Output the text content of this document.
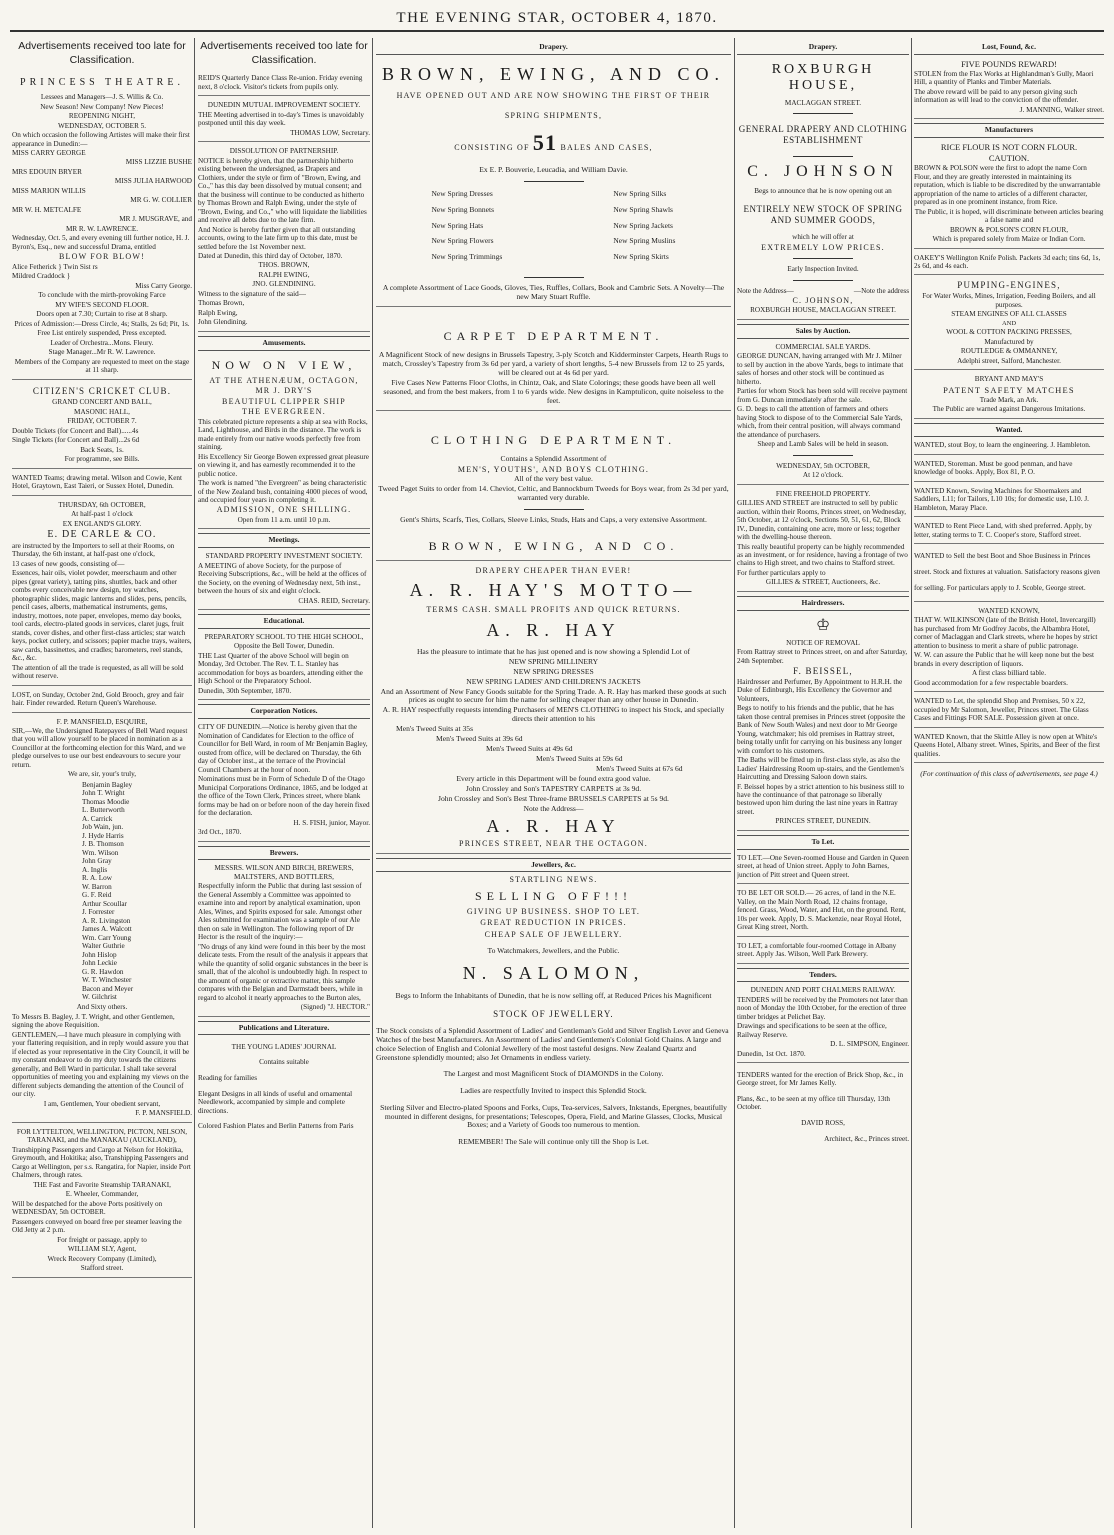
THE EVENING STAR, OCTOBER 4, 1870.
Advertisements received too late for Classification.
PRINCESS THEATRE.

Lessees and Managers—J. S. Willis & Co.

New Season! New Company! New Pieces!

REOPENING NIGHT,

WEDNESDAY, OCTOBER 5.

On which occasion the following Artistes will make their first appearance in Dunedin:—

MISS CARRY GEORGE

MISS LIZZIE BUSHE

MRS EDOUIN BRYER

MISS JULIA HARWOOD

MISS MARION WILLIS

MR G. W. COLLIER

MR W. H. METCALFE

MR J. MUSGRAVE, and

MR R. W. LAWRENCE.

Wednesday, Oct. 5, and every evening till further notice, H. J. Byron's, Esq., new and successful Drama, entitled

BLOW FOR BLOW!

Alice Fetherick } Twin Sist rs

Mildred Craddock }

Miss Carry George.

To conclude with the mirth-provoking Farce

MY WIFE'S SECOND FLOOR.

Doors open at 7.30; Curtain to rise at 8 sharp.

Prices of Admission:—Dress Circle, 4s; Stalls, 2s 6d; Pit, 1s.

Free List entirely suspended, Press excepted.

Leader of Orchestra...Mons. Fleury.

Stage Manager...Mr R. W. Lawrence.

Members of the Company are requested to meet on the stage at 11 sharp.

CITIZEN'S CRICKET CLUB.

GRAND CONCERT AND BALL,

MASONIC HALL,

FRIDAY, OCTOBER 7.

Double Tickets (for Concert and Ball)......4s

Single Tickets (for Concert and Ball)...2s 6d

Back Seats, 1s.

For programme, see Bills.

WANTED Teams; drawing metal. Wilson and Cowie, Kent Hotel, Graytown, East Taieri, or Sussex Hotel, Dunedin.

THURSDAY, 6th OCTOBER,

At half-past 1 o'clock

EX ENGLAND'S GLORY.

E. DE CARLE & CO.

are instructed by the Importers to sell at their Rooms, on Thursday, the 6th instant, at half-past one o'clock,

13 cases of new goods, consisting of—

Essences, hair oils, violet powder, meerschaum and other pipes (great variety), tatting pins, shuttles, back and other combs every conceivable new design, toy watches, photographic slides, magic lanterns and slides, pens, pencils, pencil cases, alberts, mathematical instruments, gems, industry, mottoes, note paper, envelopes, memo day books, tool cards, electro-plated goods in services, claret jugs, fruit stands, cover dishes, and other first-class articles; star watch keys, pocket cutlery, and scissors; papier mache trays, waiters, saw cards, bassinettes, and cradles; barometers, reel stands, &c., &c.

The attention of all the trade is requested, as all will be sold without reserve.

LOST, on Sunday, October 2nd, Gold Brooch, grey and fair hair. Finder rewarded. Return Queen's Warehouse.

F. P. MANSFIELD, ESQUIRE,

SIR,—We, the Undersigned Ratepayers of Bell Ward request that you will allow yourself to be placed in nomination as a Councillor at the forthcoming election for this Ward, and we pledge ourselves to use our best endeavours to secure your return.

We are, sir, your's truly,

Benjamin Bagley
John T. Wright
Thomas Moodie
L. Butterworth
A. Carrick
Job Wain, jun.
J. Hyde Harris
J. B. Thomson
Wm. Wilson
John Gray
A. Inglis
R. A. Low
W. Barron
G. F. Reid
Arthur Scoullar
J. Forrester
A. R. Livingston
James A. Walcott
Wm. Carr Young
Walter Guthrie
John Hislop
John Leckie
G. R. Hawdon
W. T. Winchester
Bacon and Meyer
W. Gilchrist

And Sixty others.

To Messrs B. Bagley, J. T. Wright, and other Gentlemen, signing the above Requisition.

GENTLEMEN,—I have much pleasure in complying with your flattering requisition, and in reply would assure you that if elected as your representative in the City Council, it will be my constant endeavor to do my duty towards the citizens generally, and Bell Ward in particular. I shall take several opportunities of meeting you and explaining my views on the different subjects demanding the attention of the Council of our city.

I am, Gentlemen, Your obedient servant,

F. P. MANSFIELD.

FOR LYTTELTON, WELLINGTON, PICTON, NELSON, TARANAKI, and the MANAKAU (AUCKLAND),

Transhipping Passengers and Cargo at Nelson for Hokitika, Greymouth, and Hokitika; also, Transhipping Passengers and Cargo at Wellington, per s.s. Rangatira, for Napier, inside Port Chalmers, through rates.

THE Fast and Favorite Steamship TARANAKI,

E. Wheeler, Commander,

Will be despatched for the above Ports positively on WEDNESDAY, 5th OCTOBER.

Passengers conveyed on board free per steamer leaving the Old Jetty at 2 p.m.

For freight or passage, apply to

WILLIAM SLY, Agent,

Wreck Recovery Company (Limited),

Stafford street.

Advertisements received too late for Classification.

REID'S Quarterly Dance Class Re-union. Friday evening next, 8 o'clock. Visitor's tickets from pupils only.

DUNEDIN MUTUAL IMPROVEMENT SOCIETY.

THE Meeting advertised in to-day's Times is unavoidably postponed until this day week.

THOMAS LOW, Secretary.

DISSOLUTION OF PARTNERSHIP.

NOTICE is hereby given, that the partnership hitherto existing between the undersigned, as Drapers and Clothiers, under the style or firm of "Brown, Ewing, and Co.," has this day been dissolved by mutual consent; and that the business will continue to be conducted as hitherto by Thomas Brown and Ralph Ewing, under the style of "Brown, Ewing, and Co.," who will liquidate the liabilities and receive all debts due to the late firm.

And Notice is hereby further given that all outstanding accounts, owing to the late firm up to this date, must be settled before the 1st November next.

Dated at Dunedin, this third day of October, 1870.

THOS. BROWN,

RALPH EWING,

JNO. GLENDINING.

Witness to the signature of the said—

Thomas Brown,

Ralph Ewing,

John Glendining.

Amusements.
NOW ON VIEW,

AT THE ATHENÆUM, OCTAGON,

MR J. DRY'S

BEAUTIFUL CLIPPER SHIP

THE EVERGREEN.

This celebrated picture represents a ship at sea with Rocks, Land, Lighthouse, and Birds in the distance. The work is made entirely from our native woods perfectly free from staining.

His Excellency Sir George Bowen expressed great pleasure on viewing it, and has earnestly recommended it to the public notice.

The work is named "the Evergreen" as being characteristic of the New Zealand bush, containing 4000 pieces of wood, and occupied four years in completing it.

ADMISSION, ONE SHILLING.

Open from 11 a.m. until 10 p.m.

Meetings.

STANDARD PROPERTY INVESTMENT SOCIETY.

A MEETING of above Society, for the purpose of Receiving Subscriptions, &c., will be held at the offices of the Society, on the evening of Wednesday next, 5th inst., between the hours of six and eight o'clock.

CHAS. REID, Secretary.

Educational.

PREPARATORY SCHOOL TO THE HIGH SCHOOL,

Opposite the Bell Tower, Dunedin.

THE Last Quarter of the above School will begin on Monday, 3rd October. The Rev. T. L. Stanley has accommodation for boys as boarders, attending either the High School or the Preparatory School.

Dunedin, 30th September, 1870.

Corporation Notices.

CITY OF DUNEDIN.—Notice is hereby given that the Nomination of Candidates for Election to the office of Councillor for Bell Ward, in room of Mr Benjamin Bagley, ousted from office, will be declared on Thursday, the 6th day of October inst., at the terrace of the Provincial Council Chambers at the hour of noon.

Nominations must be in Form of Schedule D of the Otago Municipal Corporations Ordinance, 1865, and be lodged at the office of the Town Clerk, Princes street, where blank forms may be had on or before noon of the day herein fixed for the declaration.

H. S. FISH, junior, Mayor.

3rd Oct., 1870.

Brewers.

MESSRS. WILSON AND BIRCH, BREWERS, MALTSTERS, AND BOTTLERS,

Respectfully inform the Public that during last session of the General Assembly a Committee was appointed to examine into and report by analytical examination, upon Ales, Wines, and Spirits exposed for sale. Amongst other Ales submitted for examination was a sample of our Ale then on sale in Wellington. The following report of Dr Hector is the result of the inquiry:—

"No drugs of any kind were found in this beer by the most delicate tests. From the result of the analysis it appears that while the quantity of solid organic substances in the beer is small, that of the alcohol is undoubtedly high. In respect to the amount of organic or extractive matter, this sample compares with the Belgian and Darmstadt beers, while in regard to alcohol it nearly approaches to the Burton ales,

(Signed) "J. HECTOR."

Publications and Literature.

THE YOUNG LADIES' JOURNAL

Contains suitable

Reading for families

Elegant Designs in all kinds of useful and ornamental Needlework, accompanied by simple and complete directions.

Colored Fashion Plates and Berlin Patterns from Paris

Drapery.
BROWN, EWING, AND CO.

HAVE OPENED OUT AND ARE NOW SHOWING THE FIRST OF THEIR

SPRING SHIPMENTS,

CONSISTING OF 51 BALES AND CASES,

Ex E. P. Bouverie, Leucadia, and William Davie.

New Spring Dresses
New Spring Bonnets
New Spring Hats
New Spring Flowers
New Spring Trimmings
New Spring Silks
New Spring Shawls
New Spring Jackets
New Spring Muslins
New Spring Skirts

A complete Assortment of Lace Goods, Gloves, Ties, Ruffles, Collars, Book and Cambric Sets. A Novelty—The new Mary Stuart Ruffle.

CARPET DEPARTMENT.

A Magnificent Stock of new designs in Brussels Tapestry, 3-ply Scotch and Kidderminster Carpets, Hearth Rugs to match, Crossley's Tapestry from 3s 6d per yard, a variety of short lengths, 5-4 new Brussels from 12 to 25 yards, will be cleared out at 4s 6d per yard.

Five Cases New Patterns Floor Cloths, in Chintz, Oak, and Slate Colorings; these goods have been all well seasoned, and from the best makers, from 1 to 6 yards wide. New designs in Kamptulicon, quite noiseless to the feet.

CLOTHING DEPARTMENT.

Contains a Splendid Assortment of

MEN'S, YOUTHS', AND BOYS CLOTHING.

All of the very best value.

Tweed Paget Suits to order from 14. Cheviot, Celtic, and Bannockburn Tweeds for Boys wear, from 2s 3d per yard, warranted very durable.

Gent's Shirts, Scarfs, Ties, Collars, Sleeve Links, Studs, Hats and Caps, a very extensive Assortment.

BROWN, EWING, AND CO.

DRAPERY CHEAPER THAN EVER!

A. R. HAY'S MOTTO—

TERMS CASH. SMALL PROFITS AND QUICK RETURNS.

A. R. HAY

Has the pleasure to intimate that he has just opened and is now showing a Splendid Lot of

NEW SPRING MILLINERY

NEW SPRING DRESSES

NEW SPRING LADIES' AND CHILDREN'S JACKETS

And an Assortment of New Fancy Goods suitable for the Spring Trade. A. R. Hay has marked these goods at such prices as ought to secure for him the name for selling cheaper than any other house in Dunedin.

A. R. HAY respectfully requests intending Purchasers of MEN'S CLOTHING to inspect his Stock, and specially directs their attention to his

Men's Tweed Suits at 35s

Men's Tweed Suits at 39s 6d

Men's Tweed Suits at 49s 6d

Men's Tweed Suits at 59s 6d

Men's Tweed Suits at 67s 6d

Every article in this Department will be found extra good value.

John Crossley and Son's TAPESTRY CARPETS at 3s 9d.

John Crossley and Son's Best Three-frame BRUSSELS CARPETS at 5s 9d.

Note the Address—

A. R. HAY

PRINCES STREET, NEAR THE OCTAGON.

Jewellers, &c.

STARTLING NEWS.

SELLING OFF!!!

GIVING UP BUSINESS. SHOP TO LET.

GREAT REDUCTION IN PRICES.

CHEAP SALE OF JEWELLERY.

To Watchmakers, Jewellers, and the Public.

N. SALOMON,

Begs to Inform the Inhabitants of Dunedin, that he is now selling off, at Reduced Prices his Magnificent

STOCK OF JEWELLERY.

The Stock consists of a Splendid Assortment of Ladies' and Gentleman's Gold and Silver English Lever and Geneva Watches of the best Manufacturers. An Assortment of Ladies' and Gentlemen's Colonial Gold Chains. A large and choice Selection of English and Colonial Jewellery of the most tasteful designs. New Zealand Quartz and Greenstone splendidly mounted; also Jet Ornaments in endless variety.

The Largest and most Magnificent Stock of DIAMONDS in the Colony.

Ladies are respectfully Invited to inspect this Splendid Stock.

Sterling Silver and Electro-plated Spoons and Forks, Cups, Tea-services, Salvers, Inkstands, Epergnes, beautifully mounted in different designs, for presentations; Telescopes, Opera, Field, and Marine Glasses, Clocks, Musical Boxes; and a Variety of Goods too numerous to mention.

REMEMBER! The Sale will continue only till the Shop is Let.

Drapery.
ROXBURGH HOUSE,

MACLAGGAN STREET.

GENERAL DRAPERY AND CLOTHING ESTABLISHMENT

C. JOHNSON

Begs to announce that he is now opening out an

ENTIRELY NEW STOCK OF SPRING AND SUMMER GOODS,

which he will offer at

EXTREMELY LOW PRICES.

Early Inspection Invited.

Note the Address—	—Note the address

C. JOHNSON,

ROXBURGH HOUSE, MACLAGGAN STREET.

Sales by Auction.

COMMERCIAL SALE YARDS.

GEORGE DUNCAN, having arranged with Mr J. Milner to sell by auction in the above Yards, begs to intimate that sales of horses and other stock will be continued as hitherto.

Parties for whom Stock has been sold will receive payment from G. Duncan immediately after the sale.

G. D. begs to call the attention of farmers and others having Stock to dispose of to the Commercial Sale Yards, which, from their central position, will always command the attendance of purchasers.

Sheep and Lamb Sales will be held in season.

WEDNESDAY, 5th OCTOBER,

At 12 o'clock.

FINE FREEHOLD PROPERTY.

GILLIES AND STREET are instructed to sell by public auction, within their Rooms, Princes street, on Wednesday, 5th October, at 12 o'clock, Sections 50, 51, 61, 62, Block IV., Dunedin, containing one acre, more or less; together with the dwelling-house thereon.

This really beautiful property can be highly recommended as an investment, or for residence, having a frontage of two chains to High street, and two chains to Stafford street.

For further particulars apply to

GILLIES & STREET, Auctioneers, &c.

Hairdressers.
♔

NOTICE OF REMOVAL

From Rattray street to Princes street, on and after Saturday, 24th September.

F. BEISSEL,

Hairdresser and Perfumer, By Appointment to H.R.H. the Duke of Edinburgh, His Excellency the Governor and Volunteers,

Begs to notify to his friends and the public, that he has taken those central premises in Princes street (opposite the Bank of New South Wales) and next door to Mr George Young, watchmaker; his old premises in Rattray street, being totally unfit for carrying on his business any longer with comfort to his customers.

The Baths will be fitted up in first-class style, as also the Ladies' Hairdressing Room up-stairs, and the Gentlemen's Haircutting and Dressing Saloon down stairs.

F. Beissel hopes by a strict attention to his business still to have the continuance of that patronage so liberally bestowed upon him during the last nine years in Rattray street.

PRINCES STREET, DUNEDIN.

To Let.

TO LET.—One Seven-roomed House and Garden in Queen street, at head of Union street. Apply to John Barnes, junction of Pitt street and Queen street.

TO BE LET OR SOLD.— 26 acres, of land in the N.E. Valley, on the Main North Road, 12 chains frontage, fenced. Grass, Wood, Water, and Hut, on the ground. Rent, 10s per week. Apply, D. S. Mackenzie, near Royal Hotel, Great King street, North.

TO LET, a comfortable four-roomed Cottage in Albany street. Apply Jas. Wilson, Well Park Brewery.

Tenders.

DUNEDIN AND PORT CHALMERS RAILWAY.

TENDERS will be received by the Promoters not later than noon of Monday the 10th October, for the erection of three timber bridges at Pelichet Bay.

Drawings and specifications to be seen at the office, Railway Reserve.

D. L. SIMPSON, Engineer.

Dunedin, 1st Oct. 1870.

TENDERS wanted for the erection of Brick Shop, &c., in George street, for Mr James Kelly.

Plans, &c., to be seen at my office till Thursday, 13th October.

DAVID ROSS,

Architect, &c., Princes street.

Lost, Found, &c.

FIVE POUNDS REWARD!

STOLEN from the Flax Works at Highlandman's Gully, Maori Hill, a quantity of Planks and Timber Materials.

The above reward will be paid to any person giving such information as will lead to the conviction of the offender.

J. MANNING, Walker street.

Manufacturers

RICE FLOUR IS NOT CORN FLOUR.

CAUTION.

BROWN & POLSON were the first to adopt the name Corn Flour, and they are greatly interested in maintaining its reputation, which is liable to be discredited by the unwarrantable appropriation of the name to articles of a different character, prepared as in one prominent instance, from Rice.

The Public, it is hoped, will discriminate between articles bearing a false name and

BROWN & POLSON'S CORN FLOUR,

Which is prepared solely from Maize or Indian Corn.

OAKEY'S Wellington Knife Polish. Packets 3d each; tins 6d, 1s, 2s 6d, and 4s each.

PUMPING-ENGINES,

For Water Works, Mines, Irrigation, Feeding Boilers, and all purposes.

STEAM ENGINES OF ALL CLASSES

AND

WOOL & COTTON PACKING PRESSES,

Manufactured by

ROUTLEDGE & OMMANNEY,

Adelphi street, Salford, Manchester.

BRYANT AND MAY'S

PATENT SAFETY MATCHES

Trade Mark, an Ark.

The Public are warned against Dangerous Imitations.

Wanted.

WANTED, stout Boy, to learn the engineering. J. Hambleton.

WANTED, Storeman. Must be good penman, and have knowledge of books. Apply, Box 81, P. O.

WANTED Known, Sewing Machines for Shoemakers and Saddlers, L11; for Tailors, L10 10s; for domestic use, L10. J. Hambleton, Maray Place.

WANTED to Rent Piece Land, with shed preferred. Apply, by letter, stating terms to T. C. Cooper's store, Stafford street.

WANTED to Sell the best Boot and Shoe Business in Princes street. Stock and fixtures at valuation. Satisfactory reasons given for selling. For particulars apply to J. Scoble, George street.

WANTED KNOWN,

THAT W. WILKINSON (late of the British Hotel, Invercargill) has purchased from Mr Godfrey Jacobs, the Albambra Hotel, corner of Maclaggan and Clark streets, where he hopes by strict attention to business to merit a share of public patronage.

W. W. can assure the Public that he will keep none but the best brands in every description of liquors.

A first class billiard table.

Good accommodation for a few respectable boarders.

WANTED to Let, the splendid Shop and Premises, 50 x 22, occupied by Mr Salomon, Jeweller, Princes street. The Glass Cases and Fittings FOR SALE. Possession given at once.

WANTED Known, that the Skittle Alley is now open at White's Queens Hotel, Albany street. Wines, Spirits, and Beer of the first qualities.

(For continuation of this class of advertisements, see page 4.)
